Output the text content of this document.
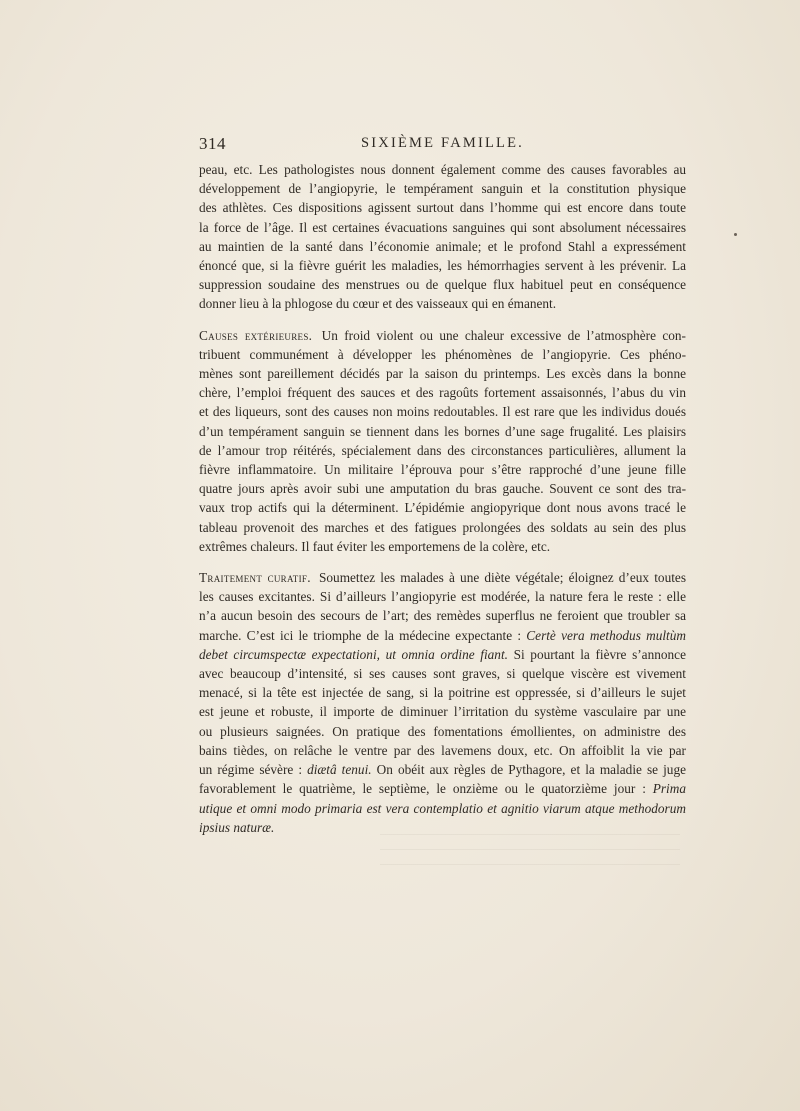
314	SIXIÈME FAMILLE.
peau, etc. Les pathologistes nous donnent également comme des causes favorables au
développement de l’angiopyrie, le tempérament sanguin et la constitution physique
des athlètes. Ces dispositions agissent surtout dans l’homme qui est encore dans toute
la force de l’âge. Il est certaines évacuations sanguines qui sont absolument nécessaires
au maintien de la santé dans l’économie animale; et le profond Stahl a expressément
énoncé que, si la fièvre guérit les maladies, les hémorrhagies servent à les prévenir. La
suppression soudaine des menstrues ou de quelque flux habituel peut en conséquence
donner lieu à la phlogose du cœur et des vaisseaux qui en émanent.
Causes extérieures. Un froid violent ou une chaleur excessive de l’atmosphère con-
tribuent communément à développer les phénomènes de l’angiopyrie. Ces phéno-
mènes sont pareillement décidés par la saison du printemps. Les excès dans la bonne
chère, l’emploi fréquent des sauces et des ragoûts fortement assaisonnés, l’abus du vin
et des liqueurs, sont des causes non moins redoutables. Il est rare que les individus doués
d’un tempérament sanguin se tiennent dans les bornes d’une sage frugalité. Les plaisirs
de l’amour trop réitérés, spécialement dans des circonstances particulières, allument la
fièvre inflammatoire. Un militaire l’éprouva pour s’être rapproché d’une jeune fille
quatre jours après avoir subi une amputation du bras gauche. Souvent ce sont des tra-
vaux trop actifs qui la déterminent. L’épidémie angiopyrique dont nous avons tracé le
tableau provenoit des marches et des fatigues prolongées des soldats au sein des plus
extrêmes chaleurs. Il faut éviter les emportemens de la colère, etc.
Traitement curatif. Soumettez les malades à une diète végétale; éloignez d’eux toutes
les causes excitantes. Si d’ailleurs l’angiopyrie est modérée, la nature fera le reste : elle
n’a aucun besoin des secours de l’art; des remèdes superflus ne feroient que troubler sa
marche. C’est ici le triomphe de la médecine expectante : Certè vera methodus multùm
debet circumspectæ expectationi, ut omnia ordine fiant. Si pourtant la fièvre s’annonce
avec beaucoup d’intensité, si ses causes sont graves, si quelque viscère est vivement
menacé, si la tête est injectée de sang, si la poitrine est oppressée, si d’ailleurs le sujet
est jeune et robuste, il importe de diminuer l’irritation du système vasculaire par une
ou plusieurs saignées. On pratique des fomentations émollientes, on administre des
bains tièdes, on relâche le ventre par des lavemens doux, etc. On affoiblit la vie par
un régime sévère : diætâ tenui. On obéit aux règles de Pythagore, et la maladie se juge
favorablement le quatrième, le septième, le onzième ou le quatorzième jour : Prima
utique et omni modo primaria est vera contemplatio et agnitio viarum atque methodorum
ipsius naturæ.
